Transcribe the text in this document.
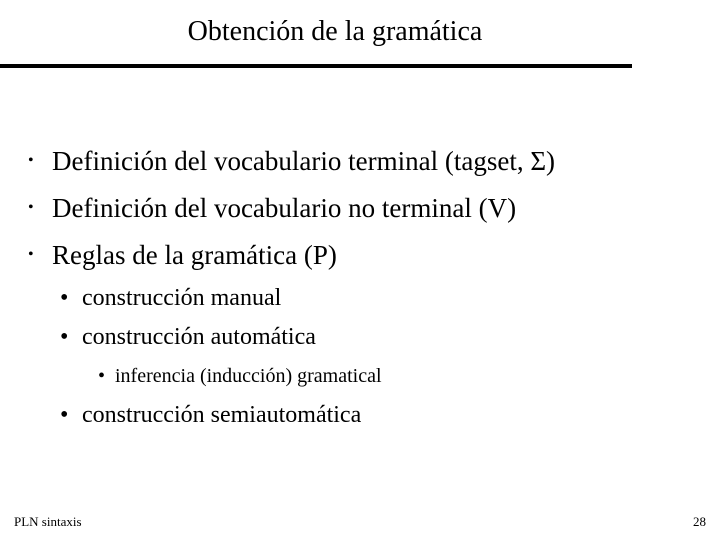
Obtención de la gramática
• Definición del vocabulario terminal (tagset, Σ)
• Definición del vocabulario no terminal (V)
• Reglas de la gramática (P)
• construcción manual
• construcción automática
• inferencia (inducción) gramatical
• construcción semiautomática
PLN sintaxis	28
